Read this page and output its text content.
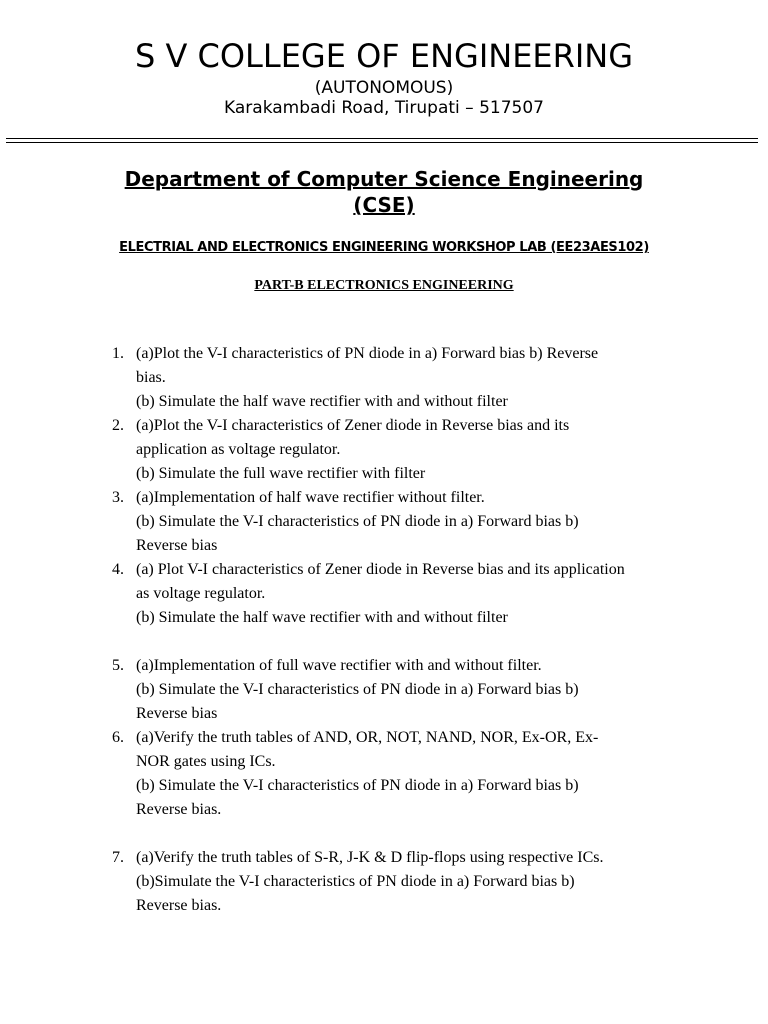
S V COLLEGE OF ENGINEERING
(AUTONOMOUS)
Karakambadi Road, Tirupati – 517507
Department of Computer Science Engineering
(CSE)
ELECTRIAL AND ELECTRONICS ENGINEERING WORKSHOP LAB (EE23AES102)
PART-B ELECTRONICS ENGINEERING
1. (a)Plot the V-I characteristics of PN diode in a) Forward bias b) Reverse
bias.
(b) Simulate the half wave rectifier with and without filter
2. (a)Plot the V-I characteristics of Zener diode in Reverse bias and its
application as voltage regulator.
(b) Simulate the full wave rectifier with filter
3. (a)Implementation of half wave rectifier without filter.
(b) Simulate the V-I characteristics of PN diode in a) Forward bias b)
Reverse bias
4. (a) Plot V-I characteristics of Zener diode in Reverse bias and its application
as voltage regulator.
(b) Simulate the half wave rectifier with and without filter
5. (a)Implementation of full wave rectifier with and without filter.
(b) Simulate the V-I characteristics of PN diode in a) Forward bias b)
Reverse bias
6. (a)Verify the truth tables of AND, OR, NOT, NAND, NOR, Ex-OR, Ex-
NOR gates using ICs.
(b) Simulate the V-I characteristics of PN diode in a) Forward bias b)
Reverse bias.
7. (a)Verify the truth tables of S-R, J-K & D flip-flops using respective ICs.
(b)Simulate the V-I characteristics of PN diode in a) Forward bias b)
Reverse bias.
